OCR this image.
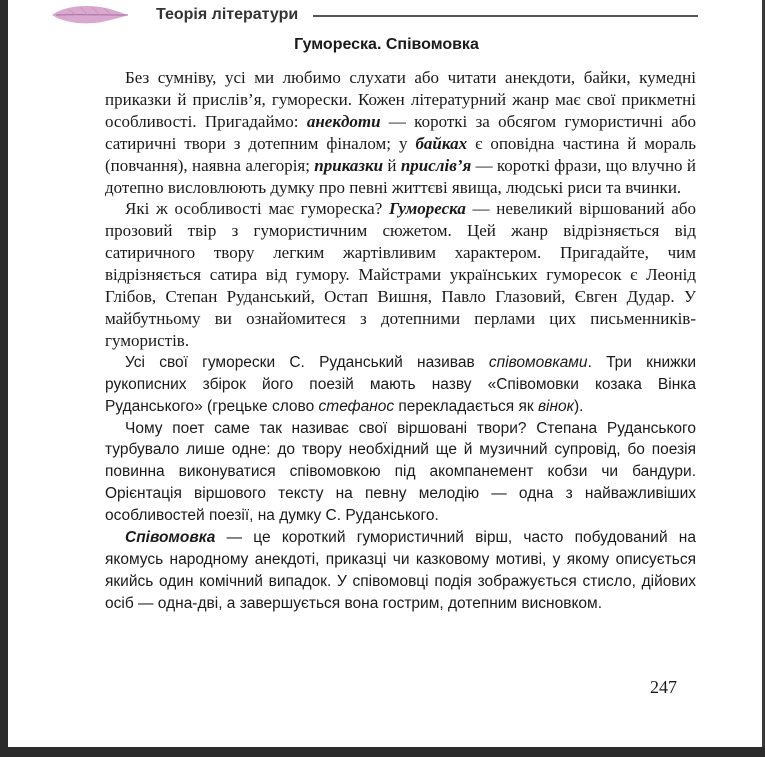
Теорія літератури
Гумореска. Співомовка

Без сумніву, усі ми любимо слухати або читати анекдоти, байки, кумедні приказки й прислів’я, гуморески. Кожен літературний жанр має свої прикметні особливості. Пригадаймо: анекдоти — короткі за обсягом гумористичні або сатиричні твори з дотепним фіналом; у байках є оповідна частина й мораль (повчання), наявна алегорія; приказки й прислів’я — короткі фрази, що влучно й дотепно висловлюють думку про певні життєві явища, людські риси та вчинки.

Які ж особливості має гумореска? Гумореска — невеликий віршований або прозовий твір з гумористичним сюжетом. Цей жанр відрізняється від сатиричного твору легким жартівливим характером. Пригадайте, чим відрізняється сатира від гумору. Майстрами українських гуморесок є Леонід Глібов, Степан Руданський, Остап Вишня, Павло Глазовий, Євген Дудар. У майбутньому ви ознайомитеся з дотепними перлами цих письменників-гумористів.

Усі свої гуморески С. Руданський називав співомовками. Три книжки рукописних збірок його поезій мають назву «Співомовки козака Вінка Руданського» (грецьке слово стефанос перекладається як вінок).

Чому поет саме так називає свої віршовані твори? Степана Руданського турбувало лише одне: до твору необхідний ще й музичний супровід, бо поезія повинна виконуватися співомовкою під акомпанемент кобзи чи бандури. Орієнтація віршового тексту на певну мелодію — одна з найважливіших особливостей поезії, на думку С. Руданського.

Співомовка — це короткий гумористичний вірш, часто побудований на якомусь народному анекдоті, приказці чи казковому мотиві, у якому описується якийсь один комічний випадок. У співомовці подія зображується стисло, дійових осіб — одна-дві, а завершується вона гострим, дотепним висновком.

247
